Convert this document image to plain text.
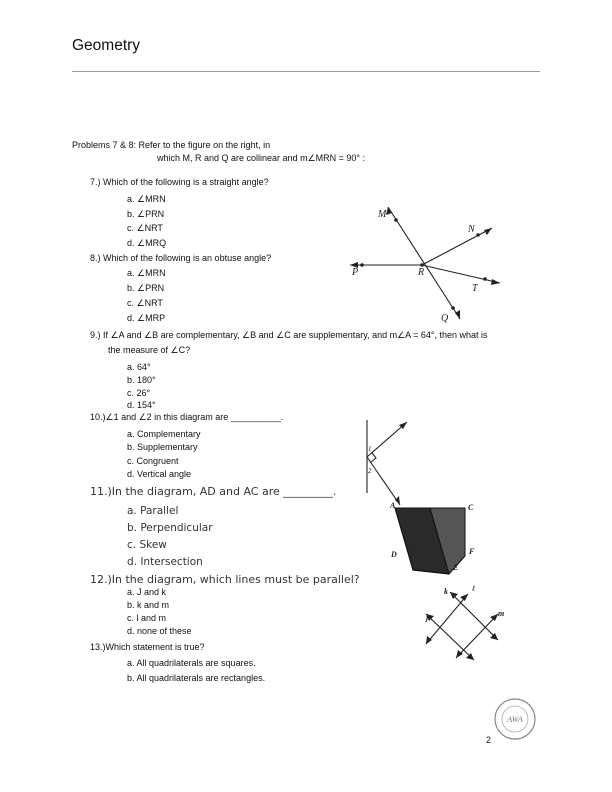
Geometry
Problems 7 & 8: Refer to the figure on the right, in
which M, R and Q are collinear and m∠MRN = 90° :
7.) Which of the following is a straight angle?
a. ∠MRN
b. ∠PRN
c. ∠NRT
d. ∠MRQ
8.) Which of the following is an obtuse angle?
a. ∠MRN
b. ∠PRN
c. ∠NRT
d. ∠MRP
9.) If ∠A and ∠B are complementary, ∠B and ∠C are supplementary, and m∠A = 64°, then what is
the measure of ∠C?
a. 64°
b. 180°
c. 26°
d. 154°
10.)∠1 and ∠2 in this diagram are __________.
a. Complementary
b. Supplementary
c. Congruent
d. Vertical angle
11.)In the diagram, AD and AC are _________.
a. Parallel
b. Perpendicular
c. Skew
d. Intersection
12.)In the diagram, which lines must be parallel?
a. J and k
b. k and m
c. l and m
d. none of these
13.)Which statement is true?
a. All quadrilaterals are squares.
b. All quadrilaterals are rectangles.
M
N
P	R
T
Q
1
2
A	C
D	F
E
k	ℓ
j	m
AWA
2
